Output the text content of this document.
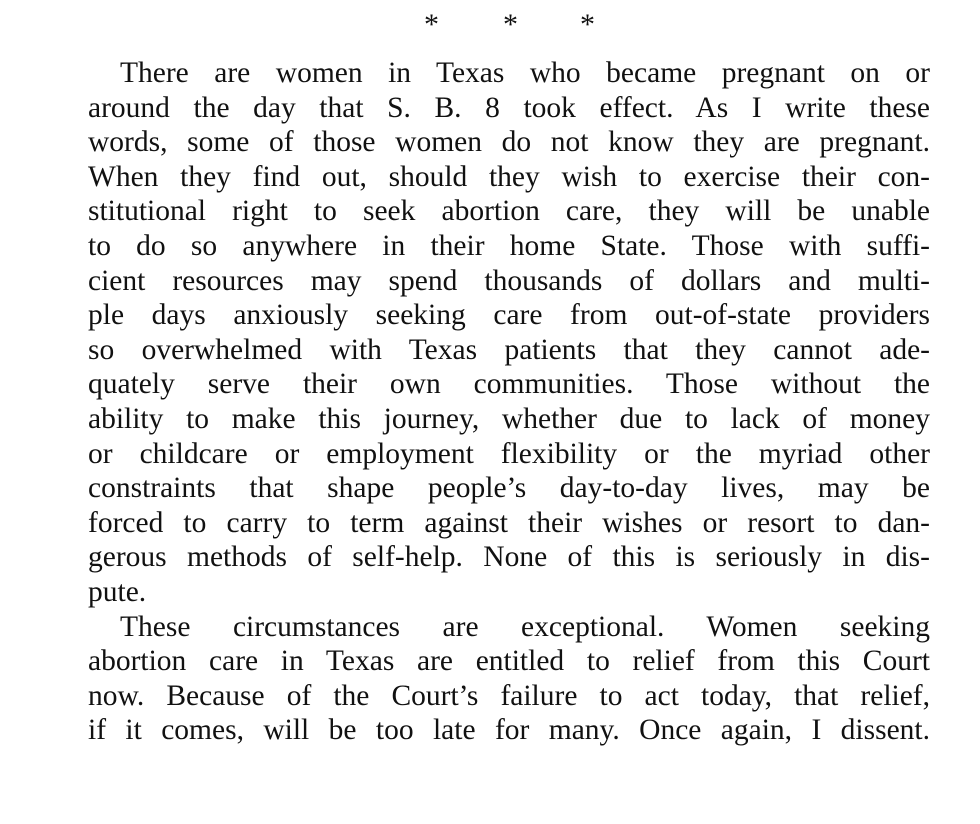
* * *
There are women in Texas who became pregnant on or
around the day that S. B. 8 took effect. As I write these
words, some of those women do not know they are pregnant.
When they find out, should they wish to exercise their con-
stitutional right to seek abortion care, they will be unable
to do so anywhere in their home State. Those with suffi-
cient resources may spend thousands of dollars and multi-
ple days anxiously seeking care from out-of-state providers
so overwhelmed with Texas patients that they cannot ade-
quately serve their own communities. Those without the
ability to make this journey, whether due to lack of money
or childcare or employment flexibility or the myriad other
constraints that shape people’s day-to-day lives, may be
forced to carry to term against their wishes or resort to dan-
gerous methods of self-help. None of this is seriously in dis-
pute.
These circumstances are exceptional. Women seeking
abortion care in Texas are entitled to relief from this Court
now. Because of the Court’s failure to act today, that relief,
if it comes, will be too late for many. Once again, I dissent.
